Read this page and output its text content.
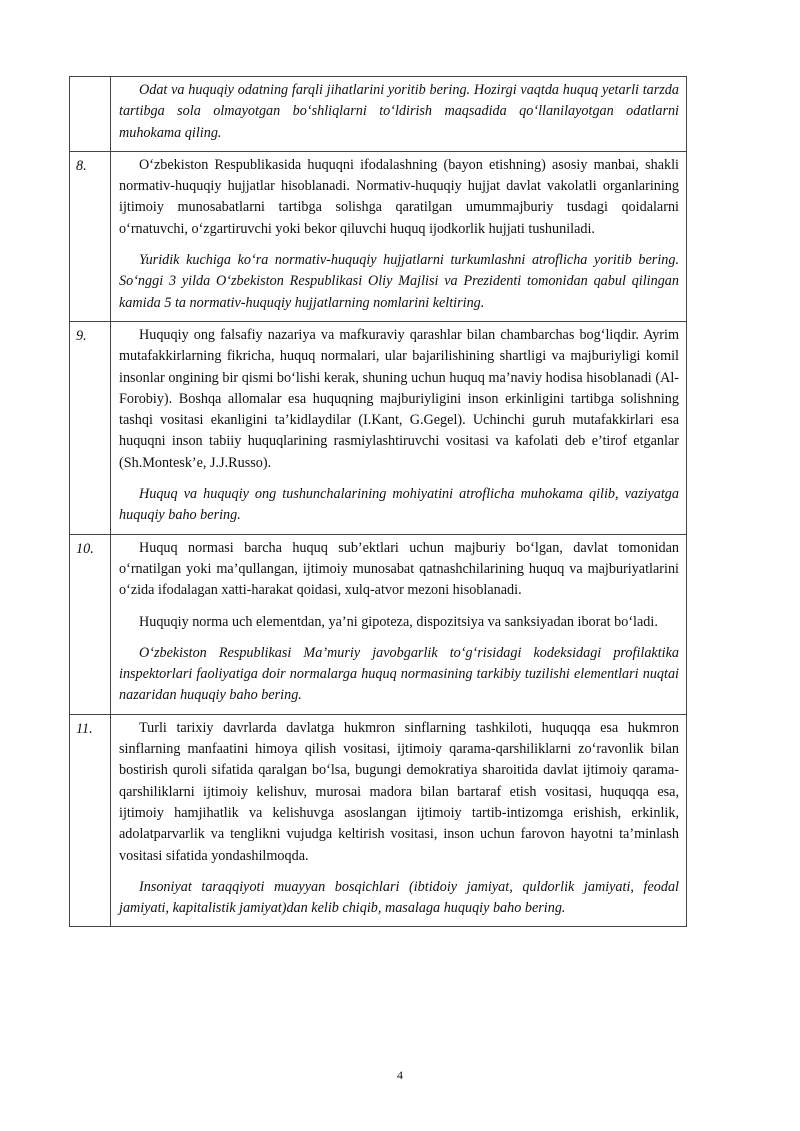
	Odat va huquqiy odatning farqli jihatlarini yoritib bering. Hozirgi vaqtda huquq yetarli tarzda tartibga sola olmayotgan bo‘shliqlarni to‘ldirish maqsadida qo‘llanilayotgan odatlarni muhokama qiling.

8.	O‘zbekiston Respublikasida huquqni ifodalashning (bayon etishning) asosiy manbai, shakli normativ-huquqiy hujjatlar hisoblanadi. Normativ-huquqiy hujjat davlat vakolatli organlarining ijtimoiy munosabatlarni tartibga solishga qaratilgan umummajburiy tusdagi qoidalarni o‘rnatuvchi, o‘zgartiruvchi yoki bekor qiluvchi huquq ijodkorlik hujjati tushuniladi.

Yuridik kuchiga ko‘ra normativ-huquqiy hujjatlarni turkumlashni atroflicha yoritib bering. So‘nggi 3 yilda O‘zbekiston Respublikasi Oliy Majlisi va Prezidenti tomonidan qabul qilingan kamida 5 ta normativ-huquqiy hujjatlarning nomlarini keltiring.

9.	Huquqiy ong falsafiy nazariya va mafkuraviy qarashlar bilan chambarchas bog‘liqdir. Ayrim mutafakkirlarning fikricha, huquq normalari, ular bajarilishining shartligi va majburiyligi komil insonlar ongining bir qismi bo‘lishi kerak, shuning uchun huquq ma’naviy hodisa hisoblanadi (Al-Forobiy). Boshqa allomalar esa huquqning majburiyligini inson erkinligini tartibga solishning tashqi vositasi ekanligini ta’kidlaydilar (I.Kant, G.Gegel). Uchinchi guruh mutafakkirlari esa huquqni inson tabiiy huquqlarining rasmiylashtiruvchi vositasi va kafolati deb e’tirof etganlar (Sh.Montesk’e, J.J.Russo).

Huquq va huquqiy ong tushunchalarining mohiyatini atroflicha muhokama qilib, vaziyatga huquqiy baho bering.

10.	Huquq normasi barcha huquq sub’ektlari uchun majburiy bo‘lgan, davlat tomonidan o‘rnatilgan yoki ma’qullangan, ijtimoiy munosabat qatnashchilarining huquq va majburiyatlarini o‘zida ifodalagan xatti-harakat qoidasi, xulq-atvor mezoni hisoblanadi.

Huquqiy norma uch elementdan, ya’ni gipoteza, dispozitsiya va sanksiyadan iborat bo‘ladi.

O‘zbekiston Respublikasi Ma’muriy javobgarlik to‘g‘risidagi kodeksidagi profilaktika inspektorlari faoliyatiga doir normalarga huquq normasining tarkibiy tuzilishi elementlari nuqtai nazaridan huquqiy baho bering.

11.	Turli tarixiy davrlarda davlatga hukmron sinflarning tashkiloti, huquqqa esa hukmron sinflarning manfaatini himoya qilish vositasi, ijtimoiy qarama-qarshiliklarni zo‘ravonlik bilan bostirish quroli sifatida qaralgan bo‘lsa, bugungi demokratiya sharoitida davlat ijtimoiy qarama-qarshiliklarni ijtimoiy kelishuv, murosai madora bilan bartaraf etish vositasi, huquqqa esa, ijtimoiy hamjihatlik va kelishuvga asoslangan ijtimoiy tartib-intizomga erishish, erkinlik, adolatparvarlik va tenglikni vujudga keltirish vositasi, inson uchun farovon hayotni ta’minlash vositasi sifatida yondashilmoqda.

Insoniyat taraqqiyoti muayyan bosqichlari (ibtidoiy jamiyat, quldorlik jamiyati, feodal jamiyati, kapitalistik jamiyat)dan kelib chiqib, masalaga huquqiy baho bering.

4
